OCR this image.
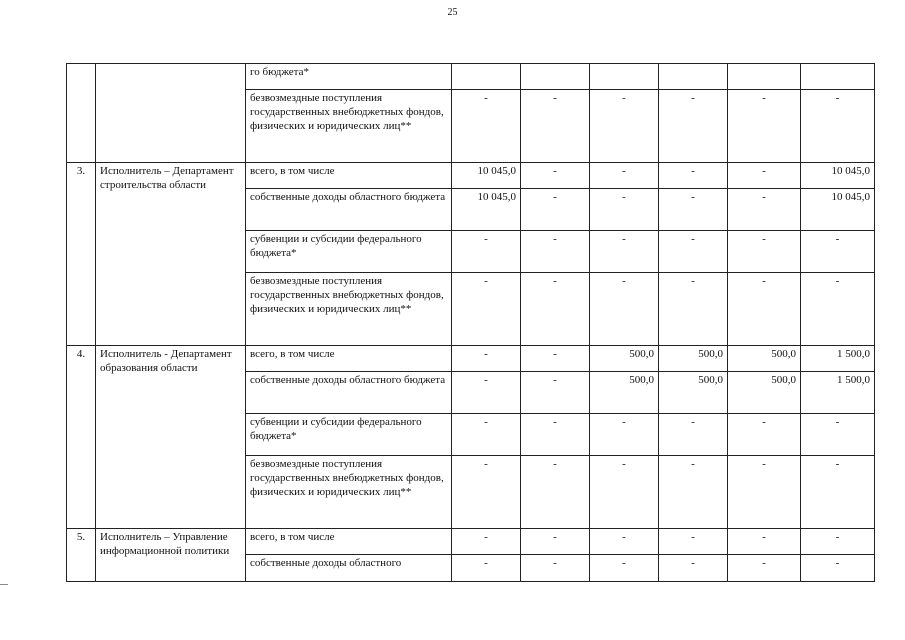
25
		го бюджета*						
		безвозмездные поступления государственных внебюджетных фондов, физических и юридических лиц**	-	-	-	-	-	-
3.	Исполнитель – Департамент строительства области	всего, в том числе	10 045,0	-	-	-	-	10 045,0
		собственные доходы областного бюджета	10 045,0	-	-	-	-	10 045,0
		субвенции и субсидии федерального бюджета*	-	-	-	-	-	-
		безвозмездные поступления государственных внебюджетных фондов, физических и юридических лиц**	-	-	-	-	-	-
4.	Исполнитель - Департамент образования области	всего, в том числе	-	-	500,0	500,0	500,0	1 500,0
		собственные доходы областного бюджета	-	-	500,0	500,0	500,0	1 500,0
		субвенции и субсидии федерального бюджета*	-	-	-	-	-	-
		безвозмездные поступления государственных внебюджетных фондов, физических и юридических лиц**	-	-	-	-	-	-
5.	Исполнитель – Управление информационной политики	всего, в том числе	-	-	-	-	-	-
		собственные доходы областного	-	-	-	-	-	-
